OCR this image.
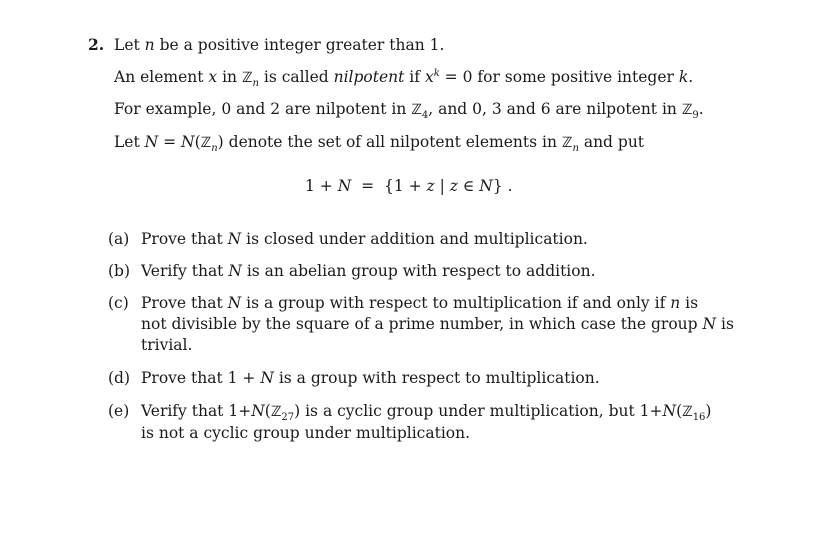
2.  Let n be a positive integer greater than 1.
An element x in ℤ$_n$ is called nilpotent if $x^k = 0$ for some positive integer k.
For example, 0 and 2 are nilpotent in ℤ$_4$, and 0, 3 and 6 are nilpotent in ℤ$_9$.
Let N = N(ℤ$_n$) denote the set of all nilpotent elements in ℤ$_n$ and put
1 + N  =  {1 + z | z ∈ N} .
(a) Prove that N is closed under addition and multiplication.
(b) Verify that N is an abelian group with respect to addition.
(c) Prove that N is a group with respect to multiplication if and only if n is
not divisible by the square of a prime number, in which case the group N is
trivial.
(d) Prove that 1 + N is a group with respect to multiplication.
(e) Verify that 1+N(ℤ$_{27}$) is a cyclic group under multiplication, but 1+N(ℤ$_{16}$)
is not a cyclic group under multiplication.
